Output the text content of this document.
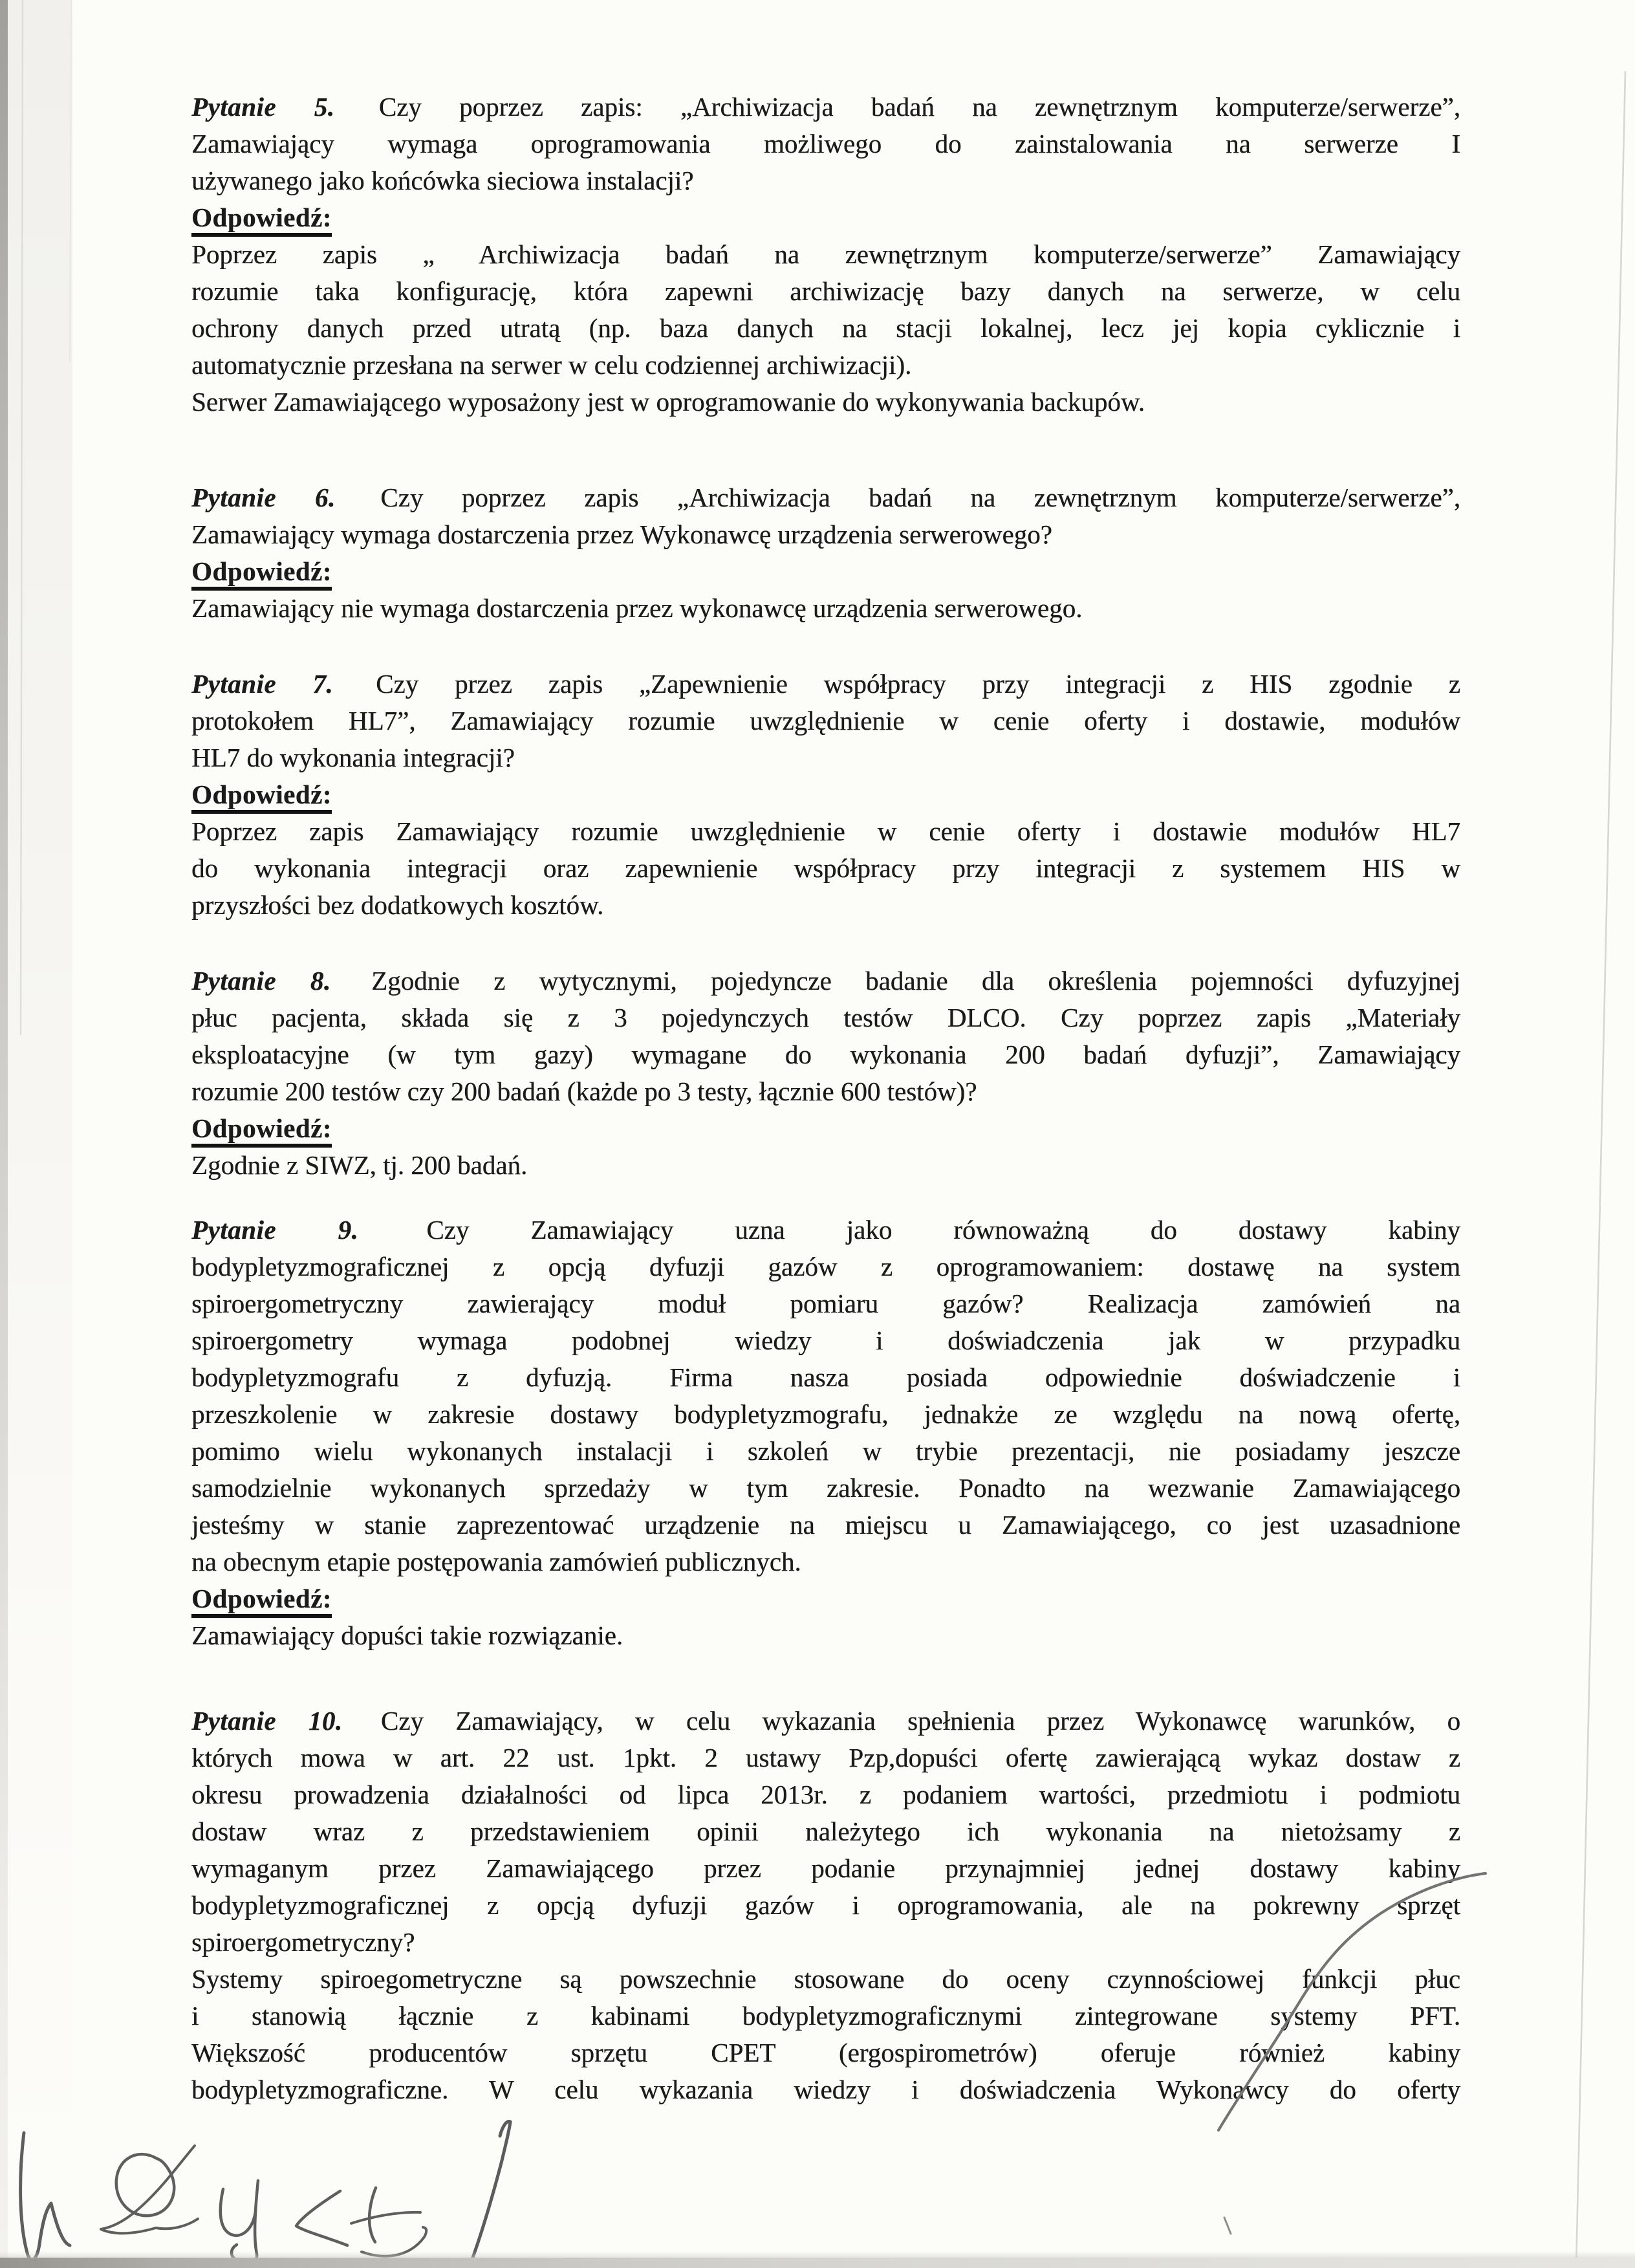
Pytanie 5. Czy poprzez zapis: „Archiwizacja badań na zewnętrznym komputerze/serwerze”,
Zamawiający wymaga oprogramowania możliwego do zainstalowania na serwerze I
używanego jako końcówka sieciowa instalacji?
Odpowiedź:
Poprzez zapis „ Archiwizacja badań na zewnętrznym komputerze/serwerze” Zamawiający
rozumie taka konfigurację, która zapewni archiwizację bazy danych na serwerze, w celu
ochrony danych przed utratą (np. baza danych na stacji lokalnej, lecz jej kopia cyklicznie i
automatycznie przesłana na serwer w celu codziennej archiwizacji).
Serwer Zamawiającego wyposażony jest w oprogramowanie do wykonywania backupów.
Pytanie 6. Czy poprzez zapis „Archiwizacja badań na zewnętrznym komputerze/serwerze”,
Zamawiający wymaga dostarczenia przez Wykonawcę urządzenia serwerowego?
Odpowiedź:
Zamawiający nie wymaga dostarczenia przez wykonawcę urządzenia serwerowego.
Pytanie 7. Czy przez zapis „Zapewnienie współpracy przy integracji z HIS zgodnie z
protokołem HL7”, Zamawiający rozumie uwzględnienie w cenie oferty i dostawie, modułów
HL7 do wykonania integracji?
Odpowiedź:
Poprzez zapis Zamawiający rozumie uwzględnienie w cenie oferty i dostawie modułów HL7
do wykonania integracji oraz zapewnienie współpracy przy integracji z systemem HIS w
przyszłości bez dodatkowych kosztów.
Pytanie 8. Zgodnie z wytycznymi, pojedyncze badanie dla określenia pojemności dyfuzyjnej
płuc pacjenta, składa się z 3 pojedynczych testów DLCO. Czy poprzez zapis „Materiały
eksploatacyjne (w tym gazy) wymagane do wykonania 200 badań dyfuzji”, Zamawiający
rozumie 200 testów czy 200 badań (każde po 3 testy, łącznie 600 testów)?
Odpowiedź:
Zgodnie z SIWZ, tj. 200 badań.
Pytanie 9.	Czy Zamawiający uzna jako równoważną do dostawy kabiny
bodypletyzmograficznej z opcją dyfuzji gazów z oprogramowaniem: dostawę na system
spiroergometryczny zawierający moduł pomiaru gazów? Realizacja zamówień na
spiroergometry wymaga podobnej wiedzy i doświadczenia jak w przypadku
bodypletyzmografu z dyfuzją. Firma nasza posiada odpowiednie doświadczenie i
przeszkolenie w zakresie dostawy bodypletyzmografu, jednakże ze względu na nową ofertę,
pomimo wielu wykonanych instalacji i szkoleń w trybie prezentacji, nie posiadamy jeszcze
samodzielnie wykonanych sprzedaży w tym zakresie. Ponadto na wezwanie Zamawiającego
jesteśmy w stanie zaprezentować urządzenie na miejscu u Zamawiającego, co jest uzasadnione
na obecnym etapie postępowania zamówień publicznych.
Odpowiedź:
Zamawiający dopuści takie rozwiązanie.
Pytanie 10. Czy Zamawiający, w celu wykazania spełnienia przez Wykonawcę warunków, o
których mowa w art. 22 ust. 1pkt. 2 ustawy Pzp,dopuści ofertę zawierającą wykaz dostaw z
okresu prowadzenia działalności od lipca 2013r. z podaniem wartości, przedmiotu i podmiotu
dostaw wraz z przedstawieniem opinii należytego ich wykonania na nietożsamy z
wymaganym przez Zamawiającego przez podanie przynajmniej jednej dostawy kabiny
bodypletyzmograficznej z opcją dyfuzji gazów i oprogramowania, ale na pokrewny sprzęt
spiroergometryczny?
Systemy spiroegometryczne są powszechnie stosowane do oceny czynnościowej funkcji płuc
i stanowią łącznie z kabinami bodypletyzmograficznymi zintegrowane systemy PFT.
Większość producentów sprzętu CPET (ergospirometrów) oferuje również kabiny
bodypletyzmograficzne. W celu wykazania wiedzy i doświadczenia Wykonawcy do oferty
